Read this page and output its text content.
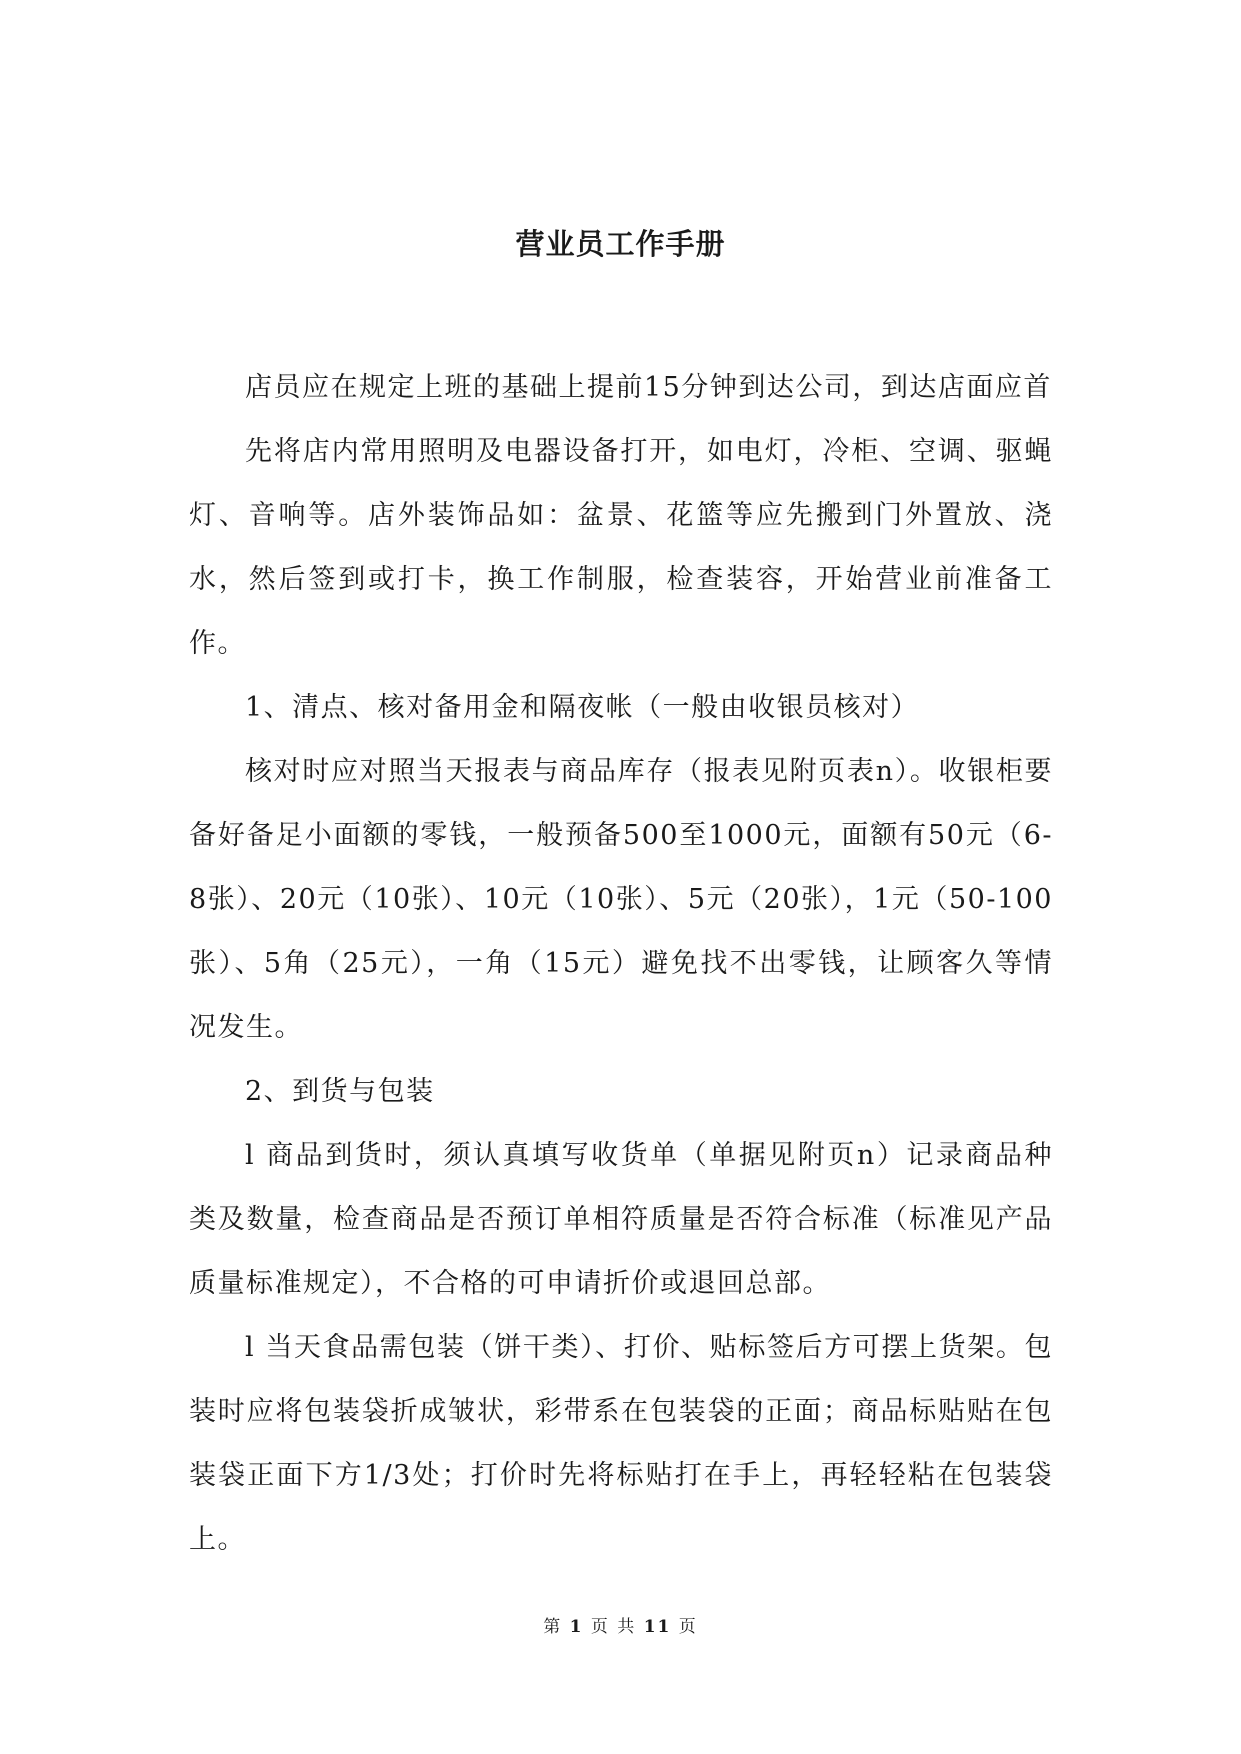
营业员工作手册

店员应在规定上班的基础上提前15分钟到达公司，到达店面应首

先将店内常用照明及电器设备打开，如电灯，冷柜、空调、驱蝇灯、音响等。店外装饰品如：盆景、花篮等应先搬到门外置放、浇水，然后签到或打卡，换工作制服，检查装容，开始营业前准备工作。

1、清点、核对备用金和隔夜帐（一般由收银员核对）

核对时应对照当天报表与商品库存（报表见附页表n）。收银柜要备好备足小面额的零钱，一般预备500至1000元，面额有50元（6-8张）、20元（10张）、10元（10张）、5元（20张），1元（50-100张）、5角（25元），一角（15元）避免找不出零钱，让顾客久等情况发生。

2、到货与包装

l 商品到货时，须认真填写收货单（单据见附页n）记录商品种类及数量，检查商品是否预订单相符质量是否符合标准（标准见产品质量标准规定），不合格的可申请折价或退回总部。

l 当天食品需包装（饼干类）、打价、贴标签后方可摆上货架。包装时应将包装袋折成皱状，彩带系在包装袋的正面；商品标贴贴在包装袋正面下方1/3处；打价时先将标贴打在手上，再轻轻粘在包装袋上。

第 1 页 共 11 页
